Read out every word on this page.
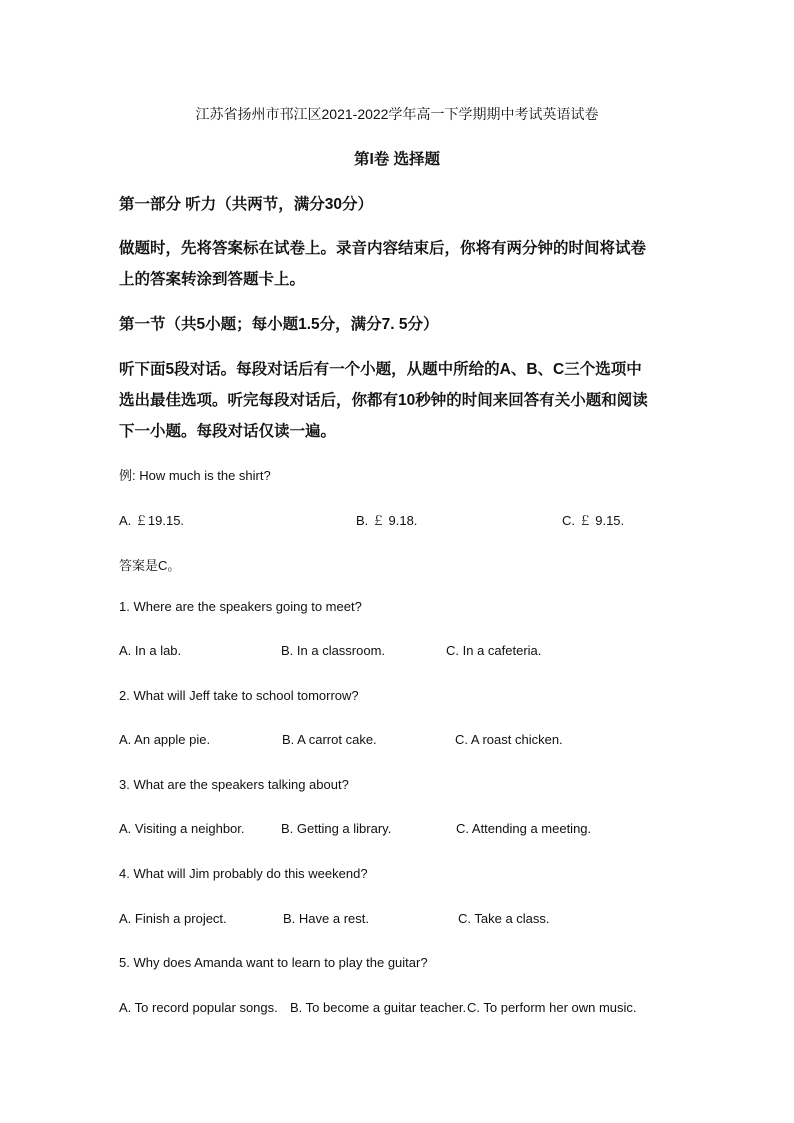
江苏省扬州市邗江区2021-2022学年高一下学期期中考试英语试卷
第I卷 选择题
第一部分 听力（共两节，满分30分）
做题时，先将答案标在试卷上。录音内容结束后，你将有两分钟的时间将试卷
上的答案转涂到答题卡上。
第一节（共5小题；每小题1.5分，满分7. 5分）
听下面5段对话。每段对话后有一个小题，从题中所给的A、B、C三个选项中
选出最佳选项。听完每段对话后，你都有10秒钟的时间来回答有关小题和阅读
下一小题。每段对话仅读一遍。
例: How much is the shirt?
A. ￡19.15.	B. ￡ 9.18.	C. ￡ 9.15.
答案是C。
1. Where are the speakers going to meet?
A. In a lab.	B. In a classroom.	C. In a cafeteria.
2. What will Jeff take to school tomorrow?
A. An apple pie.	B. A carrot cake.	C. A roast chicken.
3. What are the speakers talking about?
A. Visiting a neighbor.	B. Getting a library.	C. Attending a meeting.
4. What will Jim probably do this weekend?
A. Finish a project.	B. Have a rest.	C. Take a class.
5. Why does Amanda want to learn to play the guitar?
A. To record popular songs. B. To become a guitar teacher. C. To perform her own music.
